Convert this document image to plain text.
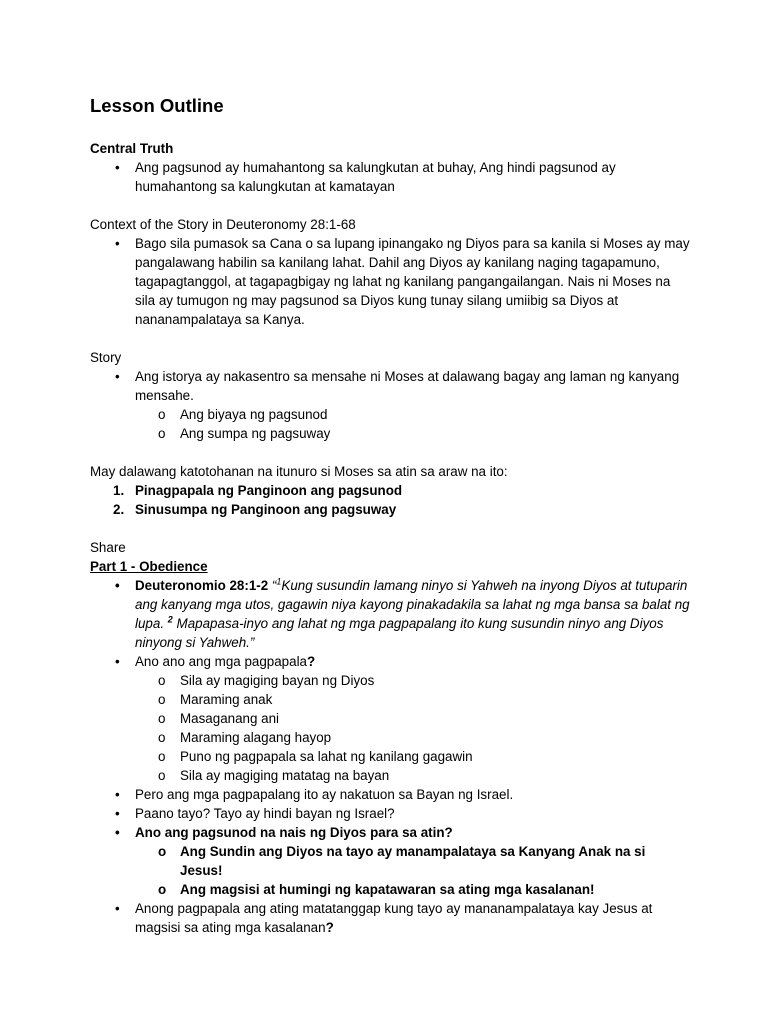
Lesson Outline

Central Truth

• Ang pagsunod ay humahantong sa kalungkutan at buhay, Ang hindi pagsunod ay humahantong sa kalungkutan at kamatayan

Context of the Story in Deuteronomy 28:1-68

• Bago sila pumasok sa Cana o sa lupang ipinangako ng Diyos para sa kanila si Moses ay may pangalawang habilin sa kanilang lahat. Dahil ang Diyos ay kanilang naging tagapamuno, tagapagtanggol, at tagapagbigay ng lahat ng kanilang pangangailangan. Nais ni Moses na sila ay tumugon ng may pagsunod sa Diyos kung tunay silang umiibig sa Diyos at nananampalataya sa Kanya.

Story

• Ang istorya ay nakasentro sa mensahe ni Moses at dalawang bagay ang laman ng kanyang mensahe.
o Ang biyaya ng pagsunod
o Ang sumpa ng pagsuway

May dalawang katotohanan na itunuro si Moses sa atin sa araw na ito:

1. Pinagpapala ng Panginoon ang pagsunod
2. Sinusumpa ng Panginoon ang pagsuway

Share

Part 1 - Obedience

• Deuteronomio 28:1-2 “$^1$Kung susundin lamang ninyo si Yahweh na inyong Diyos at tutuparin ang kanyang mga utos, gagawin niya kayong pinakadakila sa lahat ng mga bansa sa balat ng lupa. $^2$ Mapapasa-inyo ang lahat ng mga pagpapalang ito kung susundin ninyo ang Diyos ninyong si Yahweh.”
• Ano ano ang mga pagpapala?
o Sila ay magiging bayan ng Diyos
o Maraming anak
o Masaganang ani
o Maraming alagang hayop
o Puno ng pagpapala sa lahat ng kanilang gagawin
o Sila ay magiging matatag na bayan
• Pero ang mga pagpapalang ito ay nakatuon sa Bayan ng Israel.
• Paano tayo? Tayo ay hindi bayan ng Israel?
• Ano ang pagsunod na nais ng Diyos para sa atin?
o Ang Sundin ang Diyos na tayo ay manampalataya sa Kanyang Anak na si Jesus!
o Ang magsisi at humingi ng kapatawaran sa ating mga kasalanan!
• Anong pagpapala ang ating matatanggap kung tayo ay mananampalataya kay Jesus at magsisi sa ating mga kasalanan?
